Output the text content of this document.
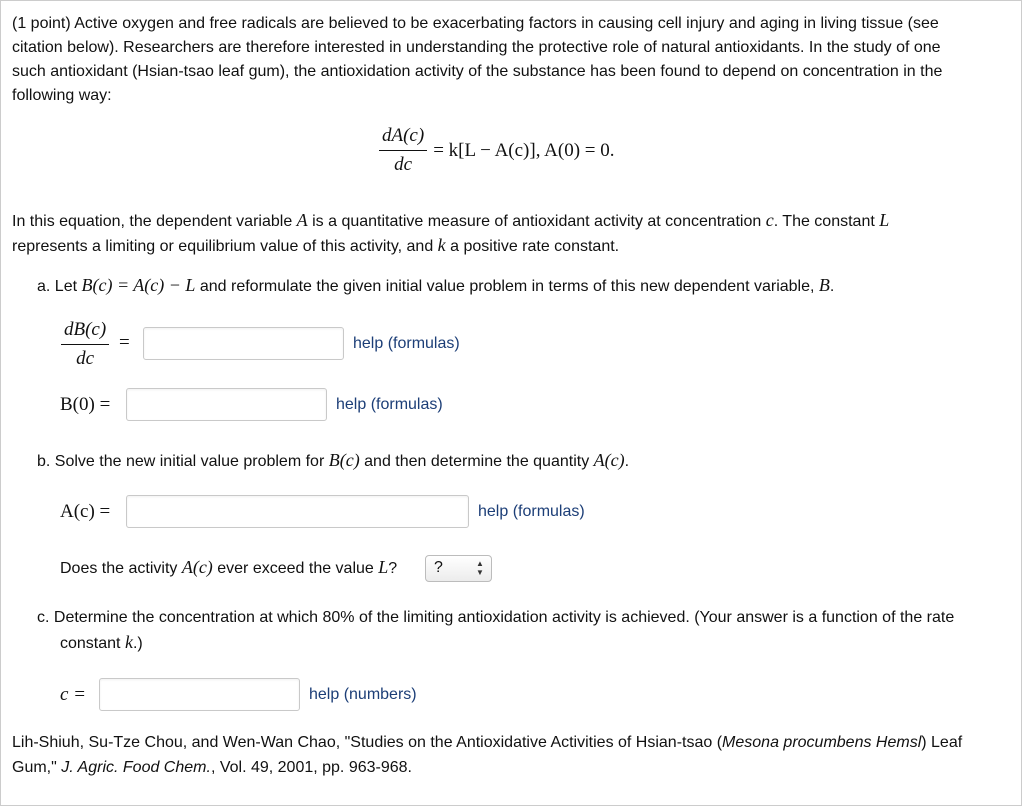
(1 point) Active oxygen and free radicals are believed to be exacerbating factors in causing cell injury and aging in living tissue (see

citation below). Researchers are therefore interested in understanding the protective role of natural antioxidants. In the study of one

such antioxidant (Hsian-tsao leaf gum), the antioxidation activity of the substance has been found to depend on concentration in the

following way:

$\frac{dA(c)}{dc} = k[L - A(c)]$, A(0) = 0.

In this equation, the dependent variable A is a quantitative measure of antioxidant activity at concentration c. The constant L

represents a limiting or equilibrium value of this activity, and k a positive rate constant.

a. Let B(c) = A(c) − L and reformulate the given initial value problem in terms of this new dependent variable, B.

$\frac{dB(c)}{dc}$ =	help (formulas)
B(0) =	help (formulas)

b. Solve the new initial value problem for B(c) and then determine the quantity A(c).

A(c) =	help (formulas)

Does the activity A(c) ever exceed the value L? ?	▲
▼

c. Determine the concentration at which 80% of the limiting antioxidation activity is achieved. (Your answer is a function of the rate

constant k.)

c =	help (numbers)

Lih-Shiuh, Su-Tze Chou, and Wen-Wan Chao, "Studies on the Antioxidative Activities of Hsian-tsao (Mesona procumbens Hemsl) Leaf

Gum," J. Agric. Food Chem., Vol. 49, 2001, pp. 963-968.
